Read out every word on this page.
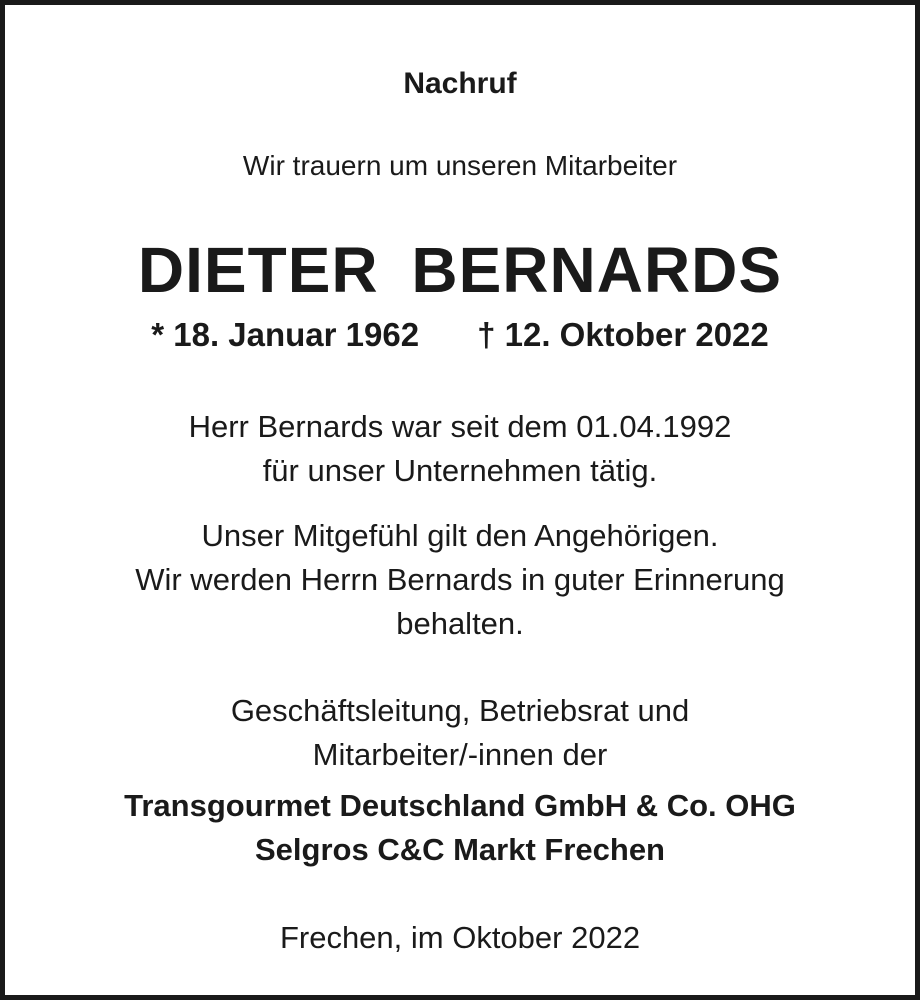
Nachruf

Wir trauern um unseren Mitarbeiter

DIETER BERNARDS

* 18. Januar 1962 † 12. Oktober 2022

Herr Bernards war seit dem 01.04.1992

für unser Unternehmen tätig.

Unser Mitgefühl gilt den Angehörigen.

Wir werden Herrn Bernards in guter Erinnerung

behalten.

Geschäftsleitung, Betriebsrat und

Mitarbeiter/-innen der

Transgourmet Deutschland GmbH & Co. OHG

Selgros C&C Markt Frechen

Frechen, im Oktober 2022
